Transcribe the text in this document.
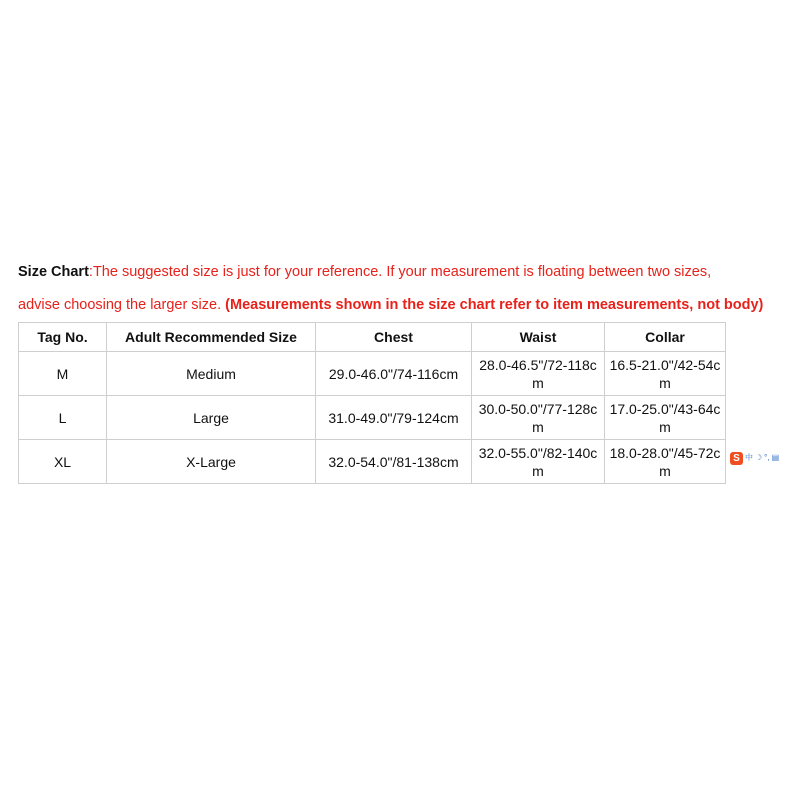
Size Chart:The suggested size is just for your reference. If your measurement is floating between two sizes,
advise choosing the larger size. (Measurements shown in the size chart refer to item measurements, not body)
Tag No.	Adult Recommended Size	Chest	Waist	Collar
M	Medium	29.0-46.0"/74-116cm	28.0-46.5"/72-118cm	16.5-21.0"/42-54cm
L	Large	31.0-49.0"/79-124cm	30.0-50.0"/77-128cm	17.0-25.0"/43-64cm
XL	X-Large	32.0-54.0"/81-138cm	32.0-55.0"/82-140cm	18.0-28.0"/45-72cm
S 中 ☽ °, ▤
